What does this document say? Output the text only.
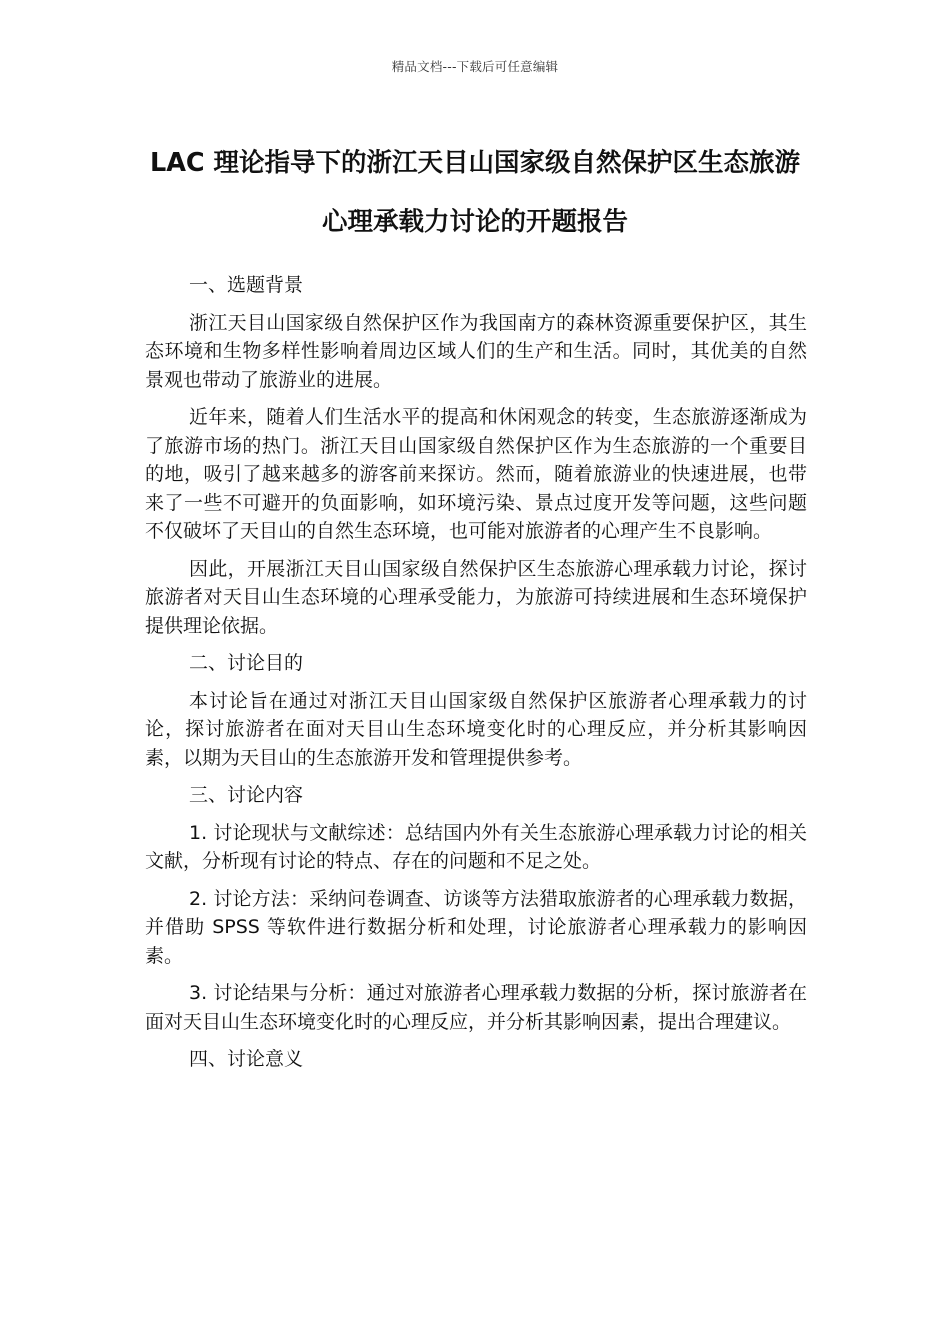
精品文档---下载后可任意编辑
LAC 理论指导下的浙江天目山国家级自然保护区生态旅游心理承载力讨论的开题报告

一、选题背景

浙江天目山国家级自然保护区作为我国南方的森林资源重要保护区，其生态环境和生物多样性影响着周边区域人们的生产和生活。同时，其优美的自然景观也带动了旅游业的进展。

近年来，随着人们生活水平的提高和休闲观念的转变，生态旅游逐渐成为了旅游市场的热门。浙江天目山国家级自然保护区作为生态旅游的一个重要目的地，吸引了越来越多的游客前来探访。然而，随着旅游业的快速进展，也带来了一些不可避开的负面影响，如环境污染、景点过度开发等问题，这些问题不仅破坏了天目山的自然生态环境，也可能对旅游者的心理产生不良影响。

因此，开展浙江天目山国家级自然保护区生态旅游心理承载力讨论，探讨旅游者对天目山生态环境的心理承受能力，为旅游可持续进展和生态环境保护提供理论依据。

二、讨论目的

本讨论旨在通过对浙江天目山国家级自然保护区旅游者心理承载力的讨论，探讨旅游者在面对天目山生态环境变化时的心理反应，并分析其影响因素，以期为天目山的生态旅游开发和管理提供参考。

三、讨论内容

1. 讨论现状与文献综述：总结国内外有关生态旅游心理承载力讨论的相关文献，分析现有讨论的特点、存在的问题和不足之处。

2. 讨论方法：采纳问卷调查、访谈等方法猎取旅游者的心理承载力数据，并借助 SPSS 等软件进行数据分析和处理，讨论旅游者心理承载力的影响因素。

3. 讨论结果与分析：通过对旅游者心理承载力数据的分析，探讨旅游者在面对天目山生态环境变化时的心理反应，并分析其影响因素，提出合理建议。

四、讨论意义
